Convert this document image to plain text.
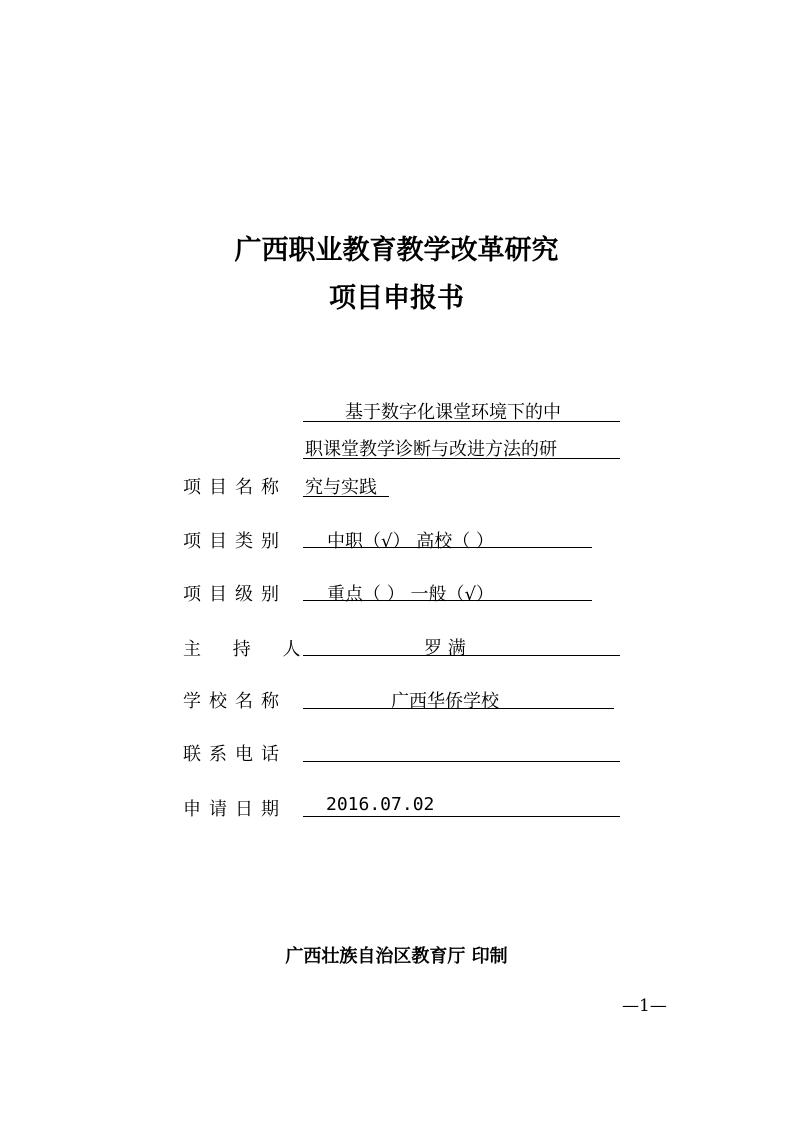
广西职业教育教学改革研究
项目申报书
基于数字化课堂环境下的中
职课堂教学诊断与改进方法的研
项目名称 究与实践
项目类别 中职（√） 高校（ ）
项目级别 重点（ ） 一般（√）
主 持 人	罗 满
学校名称	广西华侨学校
联系电话
申请日期 2016.07.02
广西壮族自治区教育厅 印制
—1—
